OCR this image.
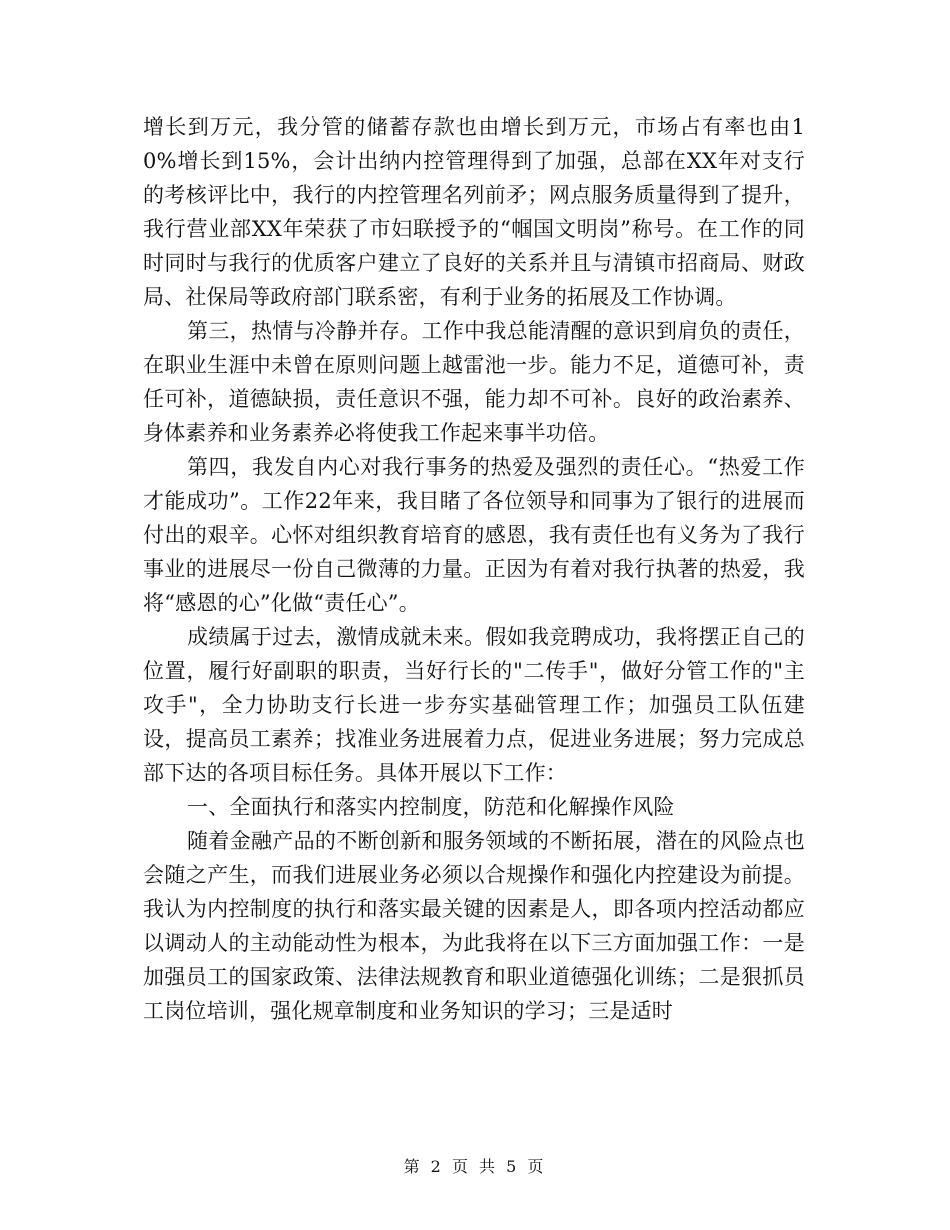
增长到万元，我分管的储蓄存款也由增长到万元，市场占有率也由10%增长到15%，会计出纳内控管理得到了加强，总部在XX年对支行的考核评比中，我行的内控管理名列前矛；网点服务质量得到了提升，我行营业部XX年荣获了市妇联授予的“帼国文明岗”称号。在工作的同时同时与我行的优质客户建立了良好的关系并且与清镇市招商局、财政局、社保局等政府部门联系密，有利于业务的拓展及工作协调。

第三，热情与冷静并存。工作中我总能清醒的意识到肩负的责任，在职业生涯中未曾在原则问题上越雷池一步。能力不足，道德可补，责任可补，道德缺损，责任意识不强，能力却不可补。良好的政治素养、身体素养和业务素养必将使我工作起来事半功倍。

第四，我发自内心对我行事务的热爱及强烈的责任心。“热爱工作才能成功”。工作22年来，我目睹了各位领导和同事为了银行的进展而付出的艰辛。心怀对组织教育培育的感恩，我有责任也有义务为了我行事业的进展尽一份自己微薄的力量。正因为有着对我行执著的热爱，我将“感恩的心”化做“责任心”。

成绩属于过去，激情成就未来。假如我竞聘成功，我将摆正自己的位置，履行好副职的职责，当好行长的"二传手"，做好分管工作的"主攻手"，全力协助支行长进一步夯实基础管理工作；加强员工队伍建设，提高员工素养；找准业务进展着力点，促进业务进展；努力完成总部下达的各项目标任务。具体开展以下工作：

一、全面执行和落实内控制度，防范和化解操作风险

随着金融产品的不断创新和服务领域的不断拓展，潜在的风险点也会随之产生，而我们进展业务必须以合规操作和强化内控建设为前提。我认为内控制度的执行和落实最关键的因素是人，即各项内控活动都应以调动人的主动能动性为根本，为此我将在以下三方面加强工作：一是加强员工的国家政策、法律法规教育和职业道德强化训练；二是狠抓员工岗位培训，强化规章制度和业务知识的学习；三是适时

第 2 页 共 5 页
